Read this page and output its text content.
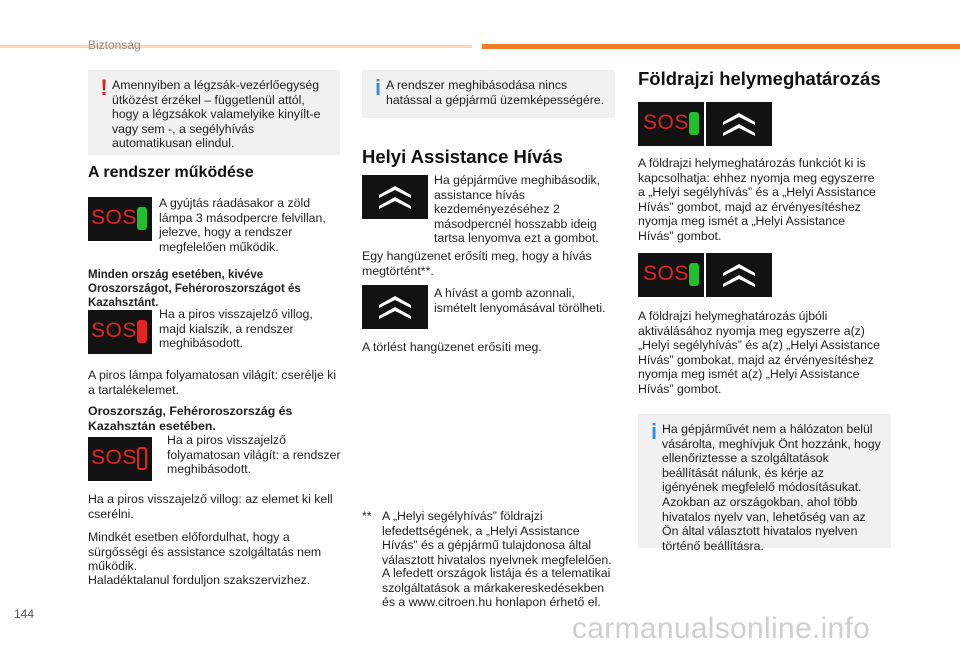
Biztonság
! Amennyiben a légzsák-vezérlőegység ütközést érzékel – függetlenül attól, hogy a légzsákok valamelyike kinyílt-e vagy sem -, a segélyhívás automatikusan elindul.
A rendszer működése
SOS
A gyújtás ráadásakor a zöld lámpa 3 másodpercre felvillan, jelezve, hogy a rendszer megfelelően működik.
Minden ország esetében, kivéve Oroszországot, Fehéroroszországot és Kazahsztánt.
SOS
Ha a piros visszajelző villog, majd kialszik, a rendszer meghibásodott.
A piros lámpa folyamatosan világít: cserélje ki a tartalékelemet.
Oroszország, Fehéroroszország és Kazahsztán esetében.
SOS
Ha a piros visszajelző folyamatosan világít: a rendszer meghibásodott.
Ha a piros visszajelző villog: az elemet ki kell cserélni.
Mindkét esetben előfordulhat, hogy a sürgősségi és assistance szolgáltatás nem működik.
Haladéktalanul forduljon szakszervizhez.
i A rendszer meghibásodása nincs hatással a gépjármű üzemképességére.
Helyi Assistance Hívás
Ha gépjárműve meghibásodik, assistance hívás kezdeményezéséhez 2 másodpercnél hosszabb ideig tartsa lenyomva ezt a gombot.
Egy hangüzenet erősíti meg, hogy a hívás megtörtént**.
A hívást a gomb azonnali, ismételt lenyomásával törölheti.
A törlést hangüzenet erősíti meg.
** A „Helyi segélyhívás” földrajzi lefedettségének, a „Helyi Assistance Hívás” és a gépjármű tulajdonosa által választott hivatalos nyelvnek megfelelően.
A lefedett országok listája és a telematikai szolgáltatások a márkakereskedésekben és a www.citroen.hu honlapon érhető el.
Földrajzi helymeghatározás
SOS
A földrajzi helymeghatározás funkciót ki is kapcsolhatja: ehhez nyomja meg egyszerre a „Helyi segélyhívás” és a „Helyi Assistance Hívás” gombot, majd az érvényesítéshez nyomja meg ismét a „Helyi Assistance Hívás” gombot.
SOS
A földrajzi helymeghatározás újbóli aktiválásához nyomja meg egyszerre a(z) „Helyi segélyhívás” és a(z) „Helyi Assistance Hívás” gombokat, majd az érvényesítéshez nyomja meg ismét a(z) „Helyi Assistance Hívás” gombot.
i Ha gépjárművét nem a hálózaton belül vásárolta, meghívjuk Önt hozzánk, hogy ellenőriztesse a szolgáltatások beállítását nálunk, és kérje az igényének megfelelő módosításukat. Azokban az országokban, ahol több hivatalos nyelv van, lehetőség van az Ön által választott hivatalos nyelven történő beállításra.
144	carmanualsonline.info
